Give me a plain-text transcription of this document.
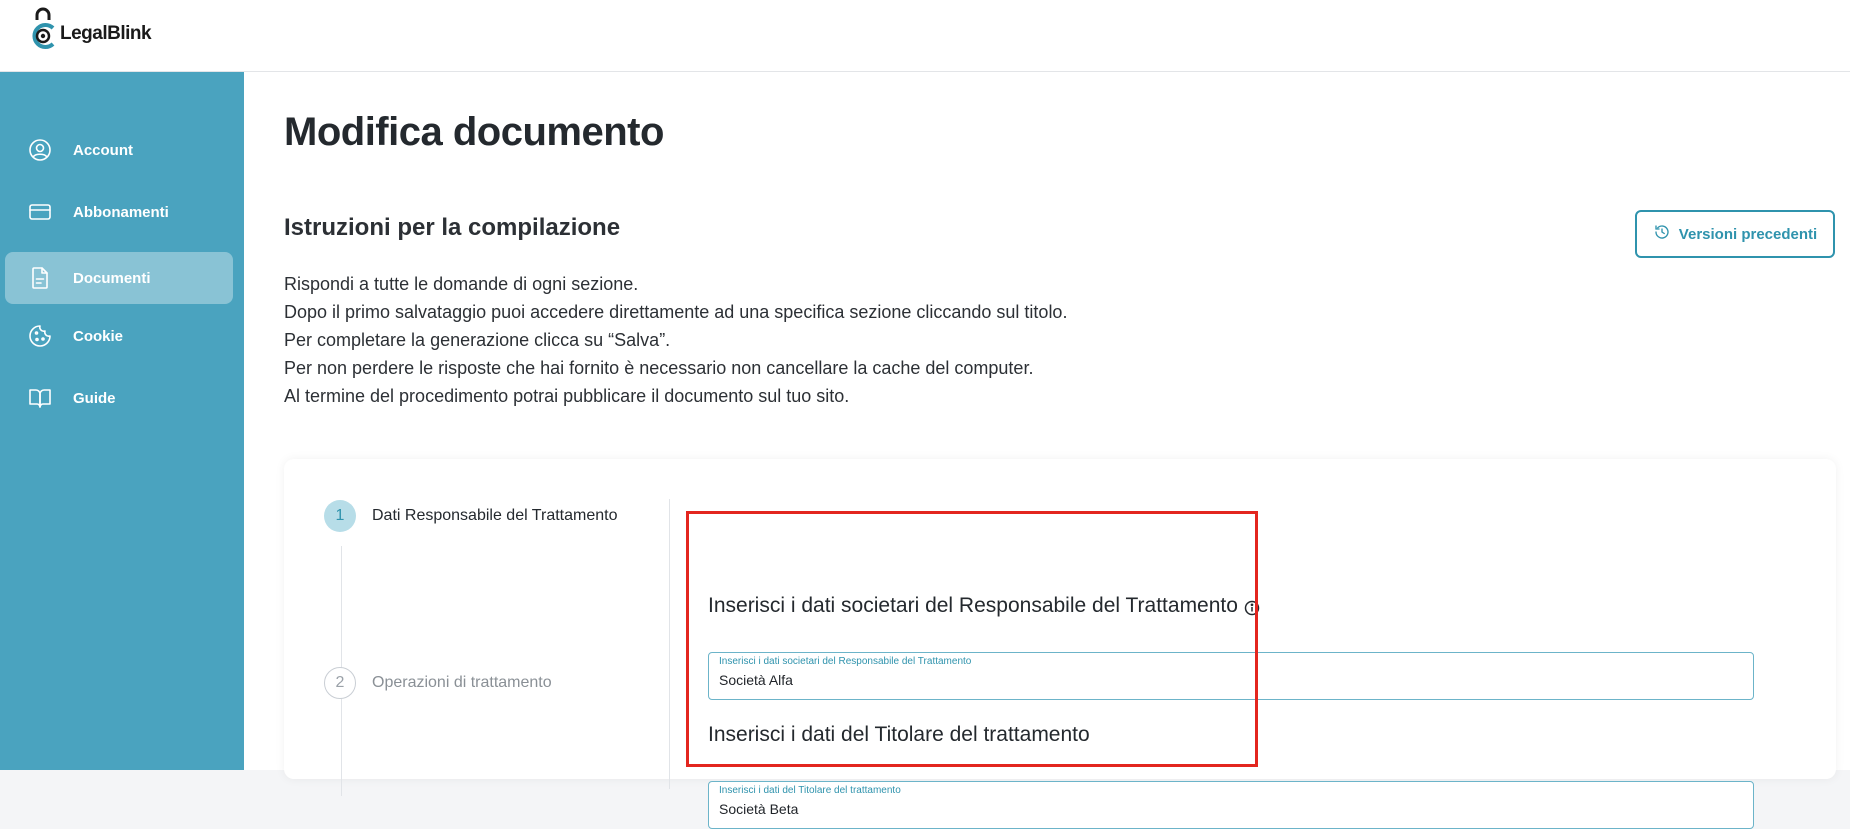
LegalBlink
Account
Abbonamenti
Documenti
Cookie
Guide
Modifica documento
Istruzioni per la compilazione	Versioni precedenti
Rispondi a tutte le domande di ogni sezione.
Dopo il primo salvataggio puoi accedere direttamente ad una specifica sezione cliccando sul titolo.
Per completare la generazione clicca su “Salva”.
Per non perdere le risposte che hai fornito è necessario non cancellare la cache del computer.
Al termine del procedimento potrai pubblicare il documento sul tuo sito.
1	Dati Responsabile del Trattamento
2	Operazioni di trattamento
Inserisci i dati societari del Responsabile del Trattamento
Inserisci i dati societari del Responsabile del Trattamento
Società Alfa
Inserisci i dati del Titolare del trattamento
Inserisci i dati del Titolare del trattamento
Società Beta
